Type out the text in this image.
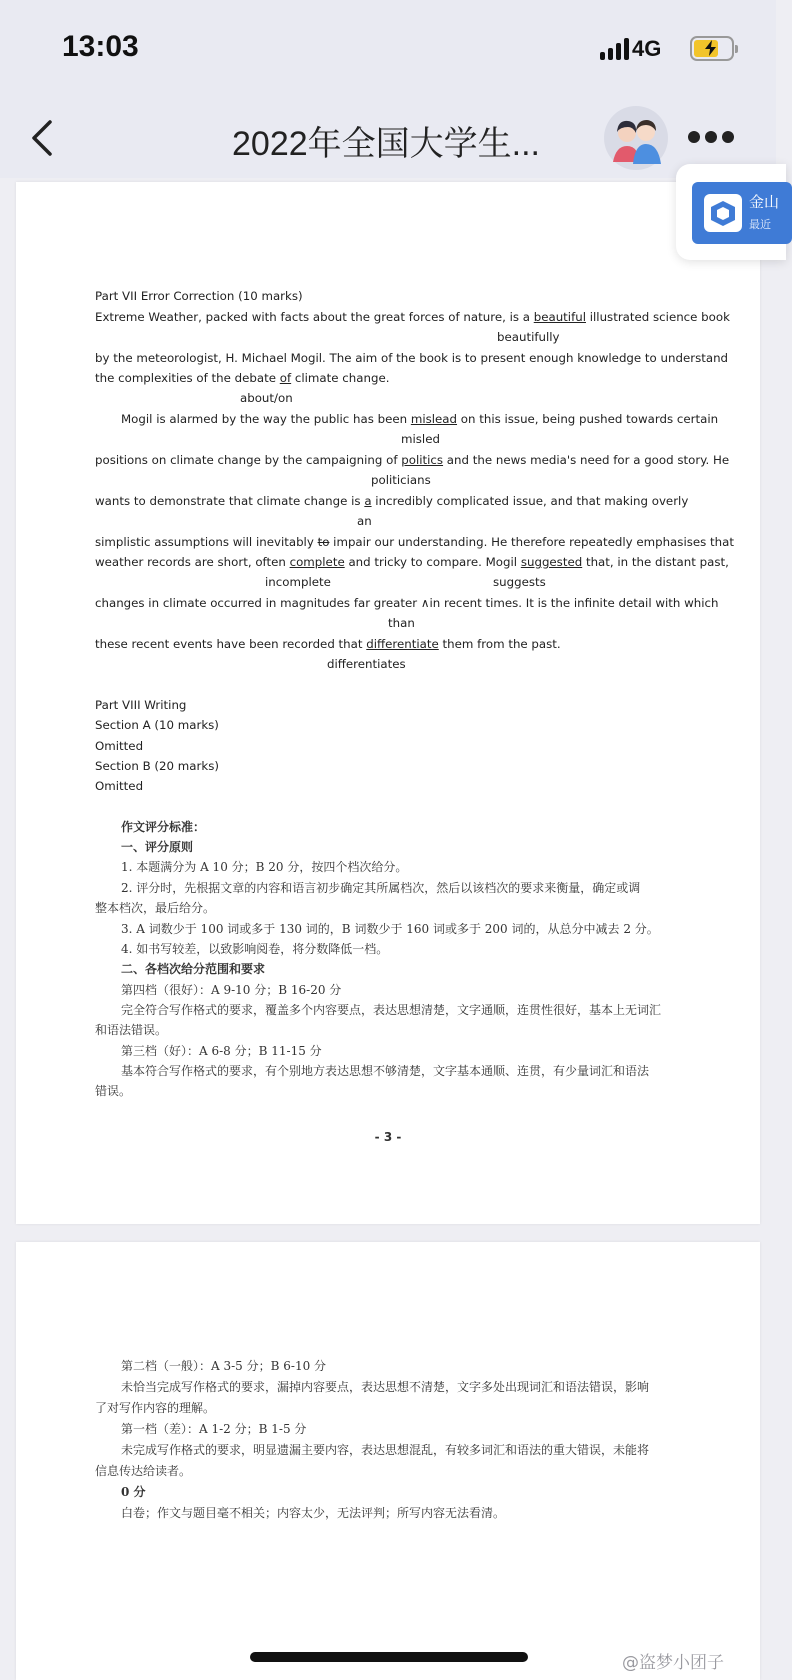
13:03	4G
2022年全国大学生...
金山
最近
Part VII Error Correction (10 marks)
Extreme Weather, packed with facts about the great forces of nature, is a beautiful illustrated science book
beautifully
by the meteorologist, H. Michael Mogil. The aim of the book is to present enough knowledge to understand
the complexities of the debate of climate change.
about/on
Mogil is alarmed by the way the public has been mislead on this issue, being pushed towards certain
misled
positions on climate change by the campaigning of politics and the news media's need for a good story. He
politicians
wants to demonstrate that climate change is a incredibly complicated issue, and that making overly
an
simplistic assumptions will inevitably to impair our understanding. He therefore repeatedly emphasises that
weather records are short, often complete and tricky to compare. Mogil suggested that, in the distant past,
incomplete	suggests
changes in climate occurred in magnitudes far greater ∧in recent times. It is the infinite detail with which
than
these recent events have been recorded that differentiate them from the past.
differentiates
Part VIII Writing
Section A (10 marks)
Omitted
Section B (20 marks)
Omitted
作文评分标准：
一、评分原则
1. 本题满分为 A 10 分；B 20 分，按四个档次给分。
2. 评分时，先根据文章的内容和语言初步确定其所属档次，然后以该档次的要求来衡量，确定或调
整本档次，最后给分。
3. A 词数少于 100 词或多于 130 词的，B 词数少于 160 词或多于 200 词的，从总分中减去 2 分。
4. 如书写较差，以致影响阅卷，将分数降低一档。
二、各档次给分范围和要求
第四档（很好）：A 9-10 分；B 16-20 分
完全符合写作格式的要求，覆盖多个内容要点，表达思想清楚，文字通顺，连贯性很好，基本上无词汇
和语法错误。
第三档（好）：A 6-8 分；B 11-15 分
基本符合写作格式的要求，有个别地方表达思想不够清楚，文字基本通顺、连贯，有少量词汇和语法
错误。
- 3 -
第二档（一般）：A 3-5 分；B 6-10 分
未恰当完成写作格式的要求，漏掉内容要点，表达思想不清楚，文字多处出现词汇和语法错误，影响
了对写作内容的理解。
第一档（差）：A 1-2 分；B 1-5 分
未完成写作格式的要求，明显遗漏主要内容，表达思想混乱，有较多词汇和语法的重大错误，未能将
信息传达给读者。
0 分
白卷；作文与题目毫不相关；内容太少，无法评判；所写内容无法看清。
@盗梦小团子
